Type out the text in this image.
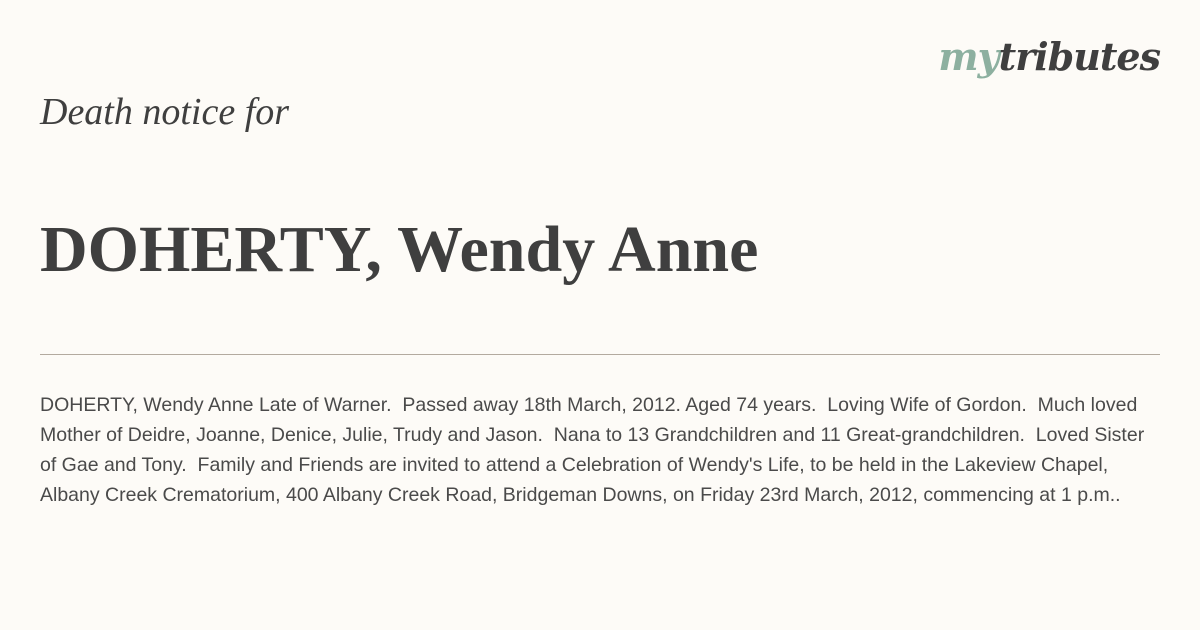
mytributes
Death notice for
DOHERTY, Wendy Anne

DOHERTY, Wendy Anne Late of Warner.  Passed away 18th March, 2012. Aged 74 years.  Loving Wife of Gordon.  Much loved Mother of Deidre, Joanne, Denice, Julie, Trudy and Jason.  Nana to 13 Grandchildren and 11 Great-grandchildren.  Loved Sister of Gae and Tony.  Family and Friends are invited to attend a Celebration of Wendy's Life, to be held in the Lakeview Chapel, Albany Creek Crematorium, 400 Albany Creek Road, Bridgeman Downs, on Friday 23rd March, 2012, commencing at 1 p.m..
